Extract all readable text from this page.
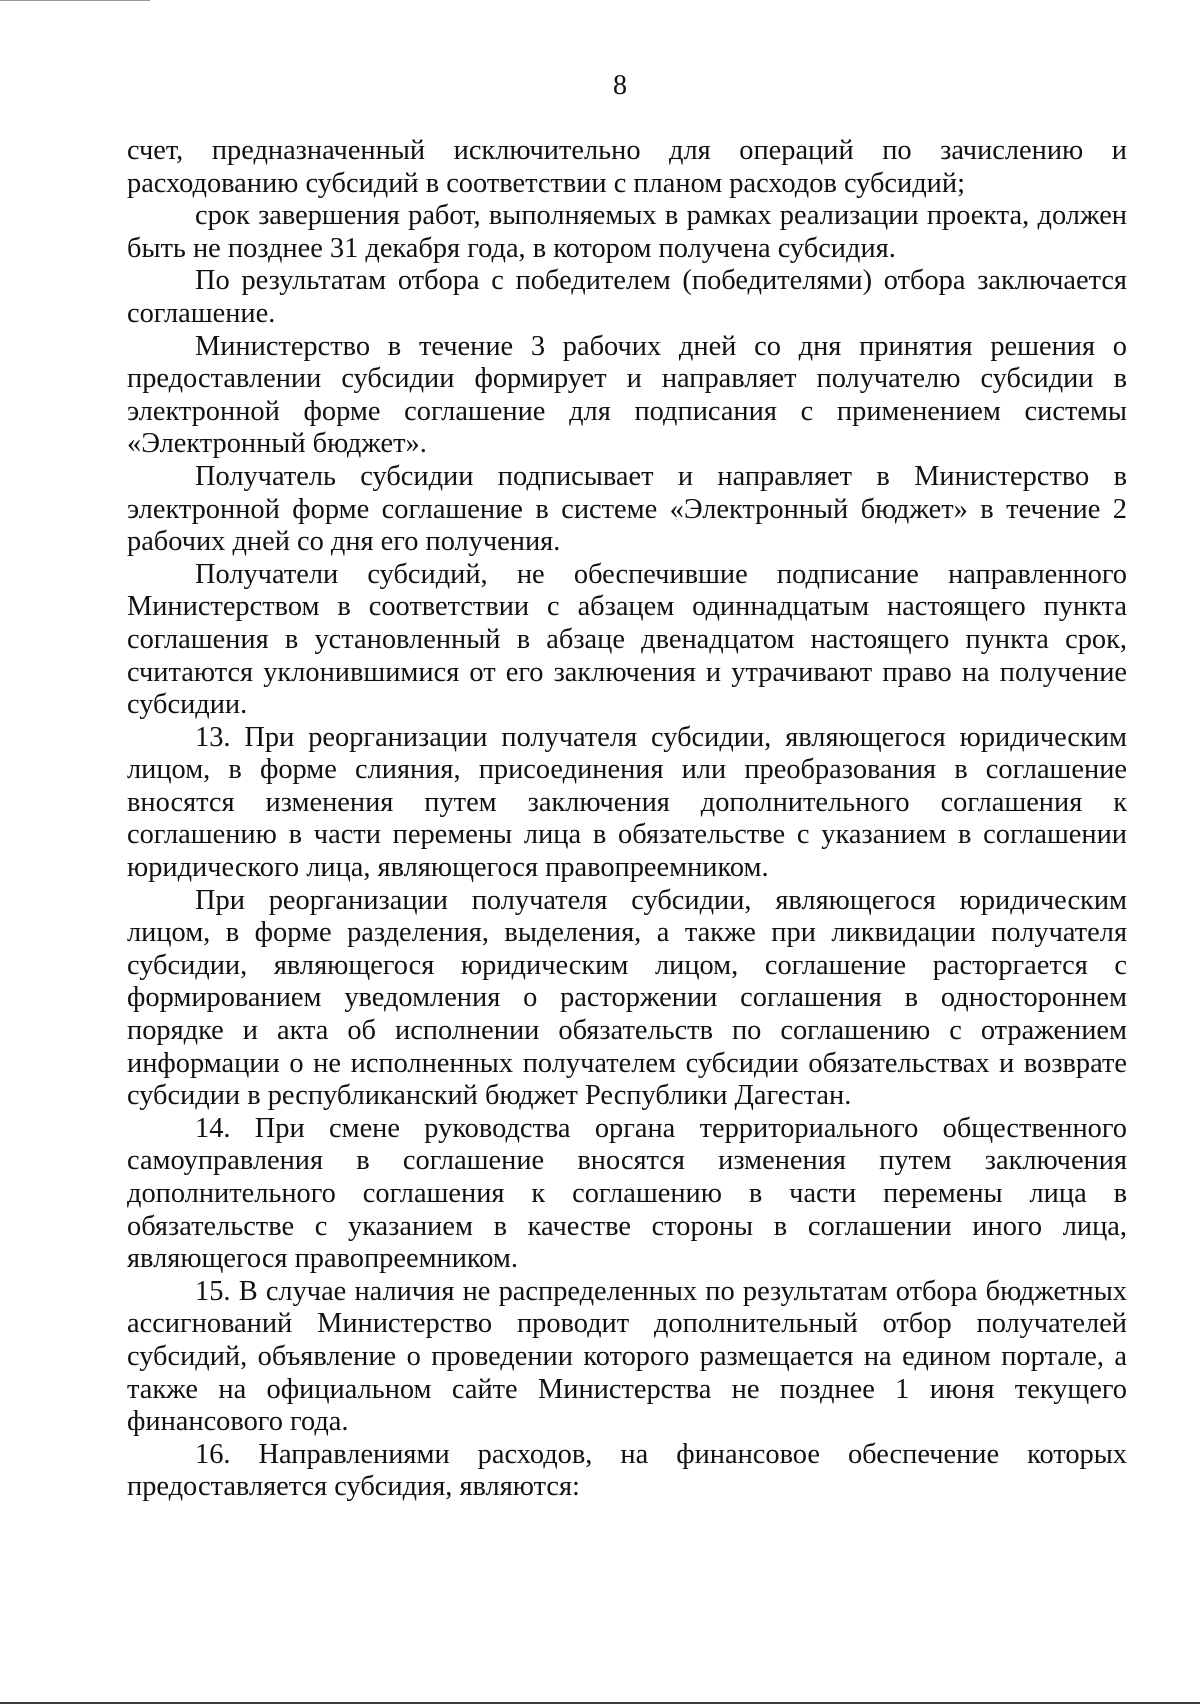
8

счет, предназначенный исключительно для операций по зачислению и расходованию субсидий в соответствии с планом расходов субсидий;

срок завершения работ, выполняемых в рамках реализации проекта, должен быть не позднее 31 декабря года, в котором получена субсидия.

По результатам отбора с победителем (победителями) отбора заключается соглашение.

Министерство в течение 3 рабочих дней со дня принятия решения о предоставлении субсидии формирует и направляет получателю субсидии в электронной форме соглашение для подписания с применением системы «Электронный бюджет».

Получатель субсидии подписывает и направляет в Министерство в электронной форме соглашение в системе «Электронный бюджет» в течение 2 рабочих дней со дня его получения.

Получатели субсидий, не обеспечившие подписание направленного Министерством в соответствии с абзацем одиннадцатым настоящего пункта соглашения в установленный в абзаце двенадцатом настоящего пункта срок, считаются уклонившимися от его заключения и утрачивают право на получение субсидии.

13. При реорганизации получателя субсидии, являющегося юридическим лицом, в форме слияния, присоединения или преобразования в соглашение вносятся изменения путем заключения дополнительного соглашения к соглашению в части перемены лица в обязательстве с указанием в соглашении юридического лица, являющегося правопреемником.

При реорганизации получателя субсидии, являющегося юридическим лицом, в форме разделения, выделения, а также при ликвидации получателя субсидии, являющегося юридическим лицом, соглашение расторгается с формированием уведомления о расторжении соглашения в одностороннем порядке и акта об исполнении обязательств по соглашению с отражением информации о не исполненных получателем субсидии обязательствах и возврате субсидии в республиканский бюджет Республики Дагестан.

14. При смене руководства органа территориального общественного самоуправления в соглашение вносятся изменения путем заключения дополнительного соглашения к соглашению в части перемены лица в обязательстве с указанием в качестве стороны в соглашении иного лица, являющегося правопреемником.

15. В случае наличия не распределенных по результатам отбора бюджетных ассигнований Министерство проводит дополнительный отбор получателей субсидий, объявление о проведении которого размещается на едином портале, а также на официальном сайте Министерства не позднее 1 июня текущего финансового года.

16. Направлениями расходов, на финансовое обеспечение которых предоставляется субсидия, являются:
